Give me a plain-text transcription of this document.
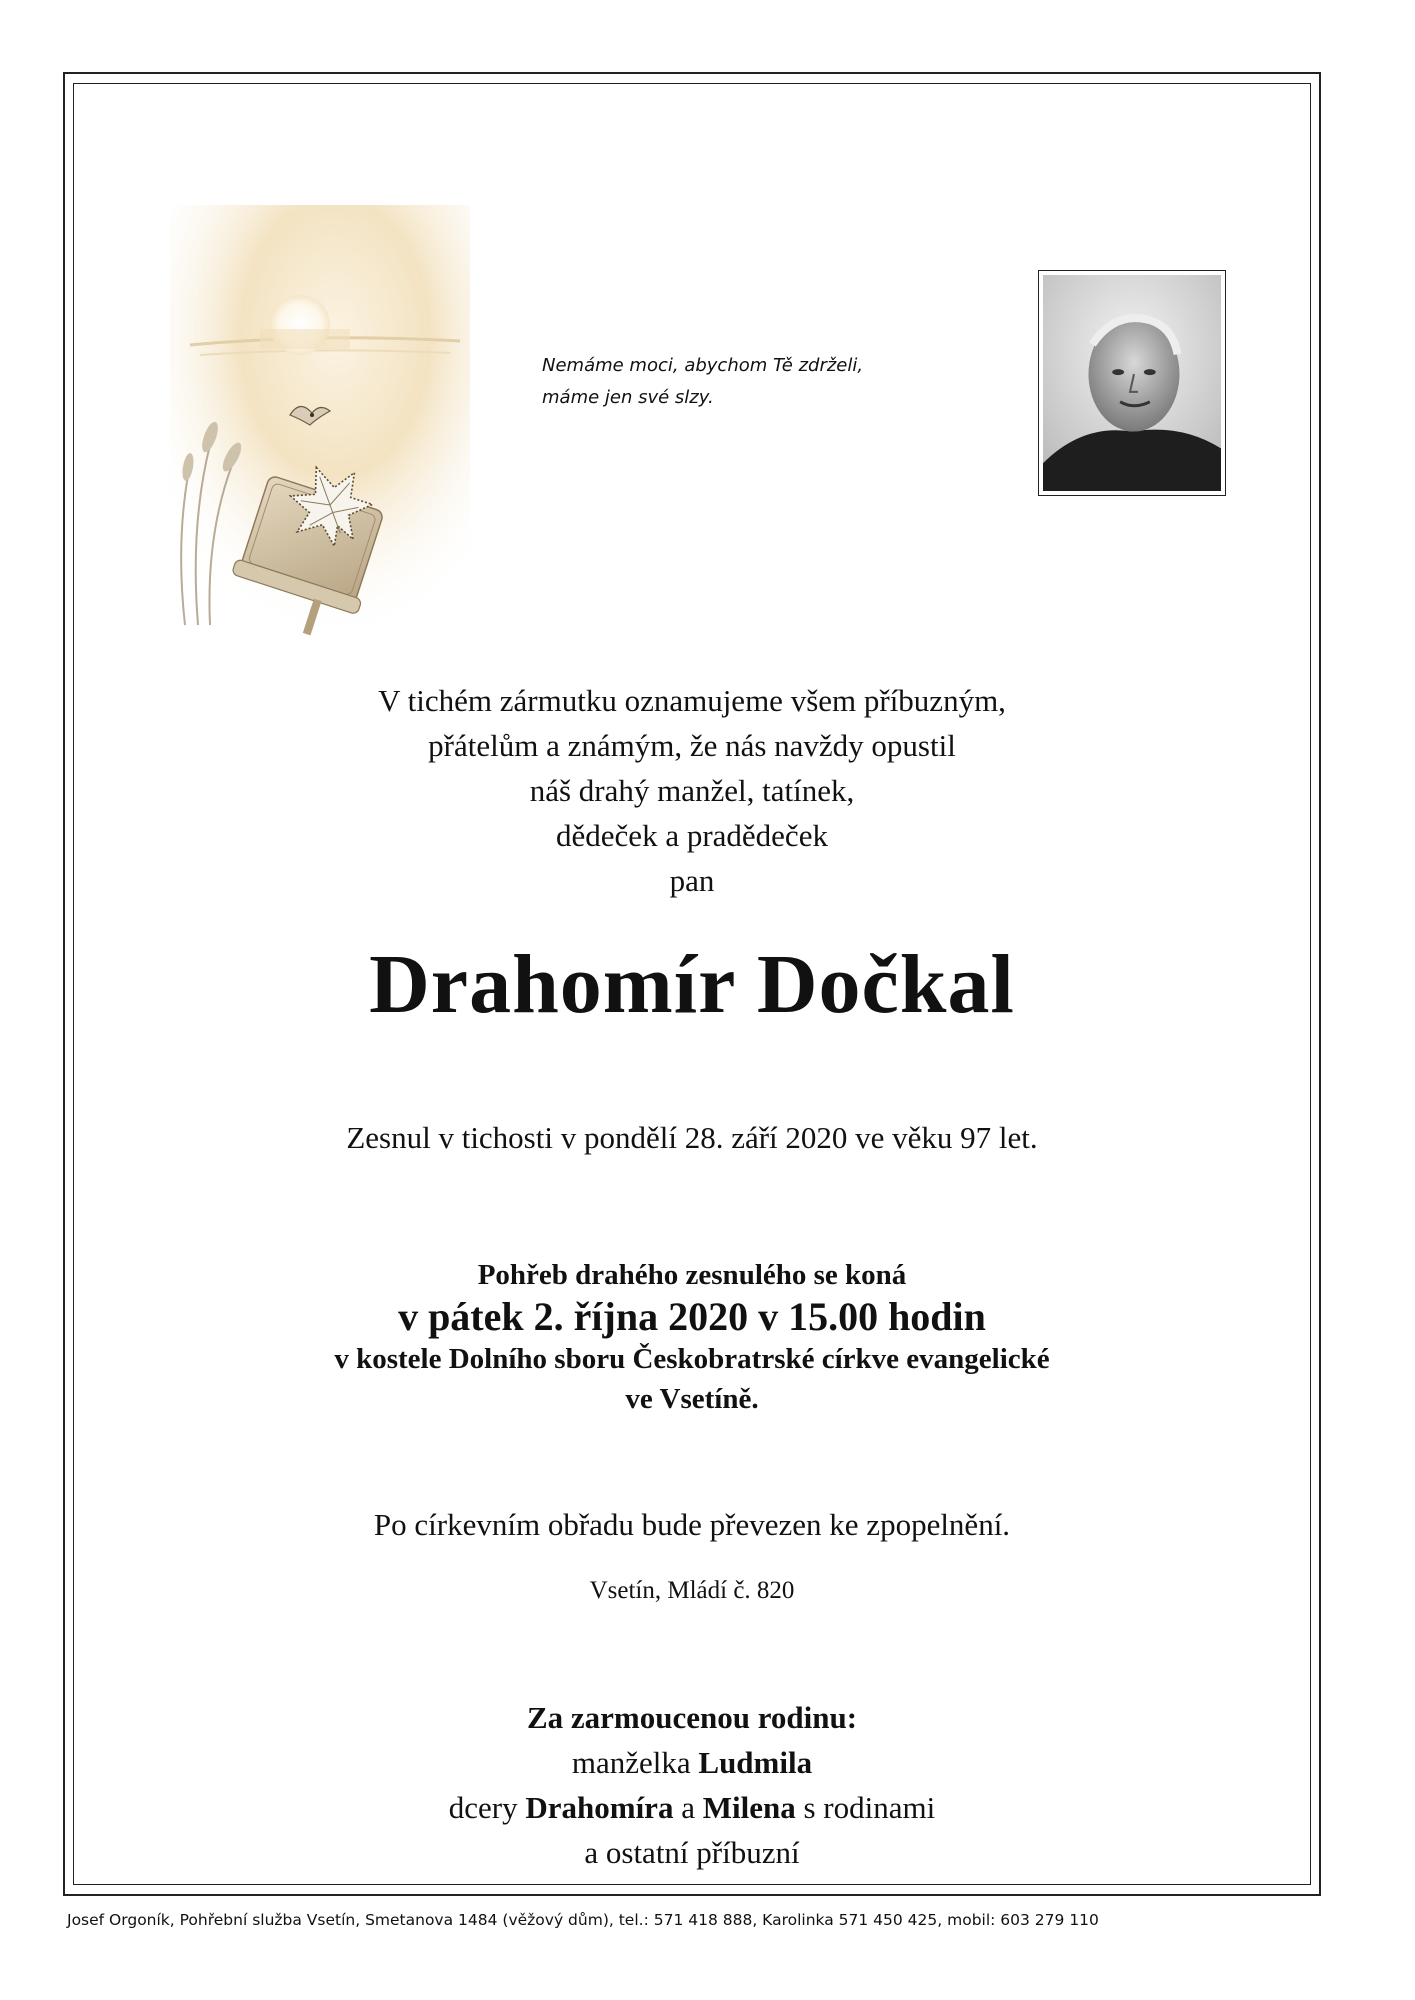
Nemáme moci, abychom Tě zdrželi,
máme jen své slzy.
V tichém zármutku oznamujeme všem příbuzným,
přátelům a známým, že nás navždy opustil
náš drahý manžel, tatínek,
dědeček a pradědeček
pan
Drahomír Dočkal
Zesnul v tichosti v pondělí 28. září 2020 ve věku 97 let.
Pohřeb drahého zesnulého se koná
v pátek 2. října 2020 v 15.00 hodin
v kostele Dolního sboru Českobratrské církve evangelické
ve Vsetíně.
Po církevním obřadu bude převezen ke zpopelnění.
Vsetín, Mládí č. 820
Za zarmoucenou rodinu:
manželka Ludmila
dcery Drahomíra a Milena s rodinami
a ostatní příbuzní
Josef Orgoník, Pohřební služba Vsetín, Smetanova 1484 (věžový dům), tel.: 571 418 888, Karolinka 571 450 425, mobil: 603 279 110
